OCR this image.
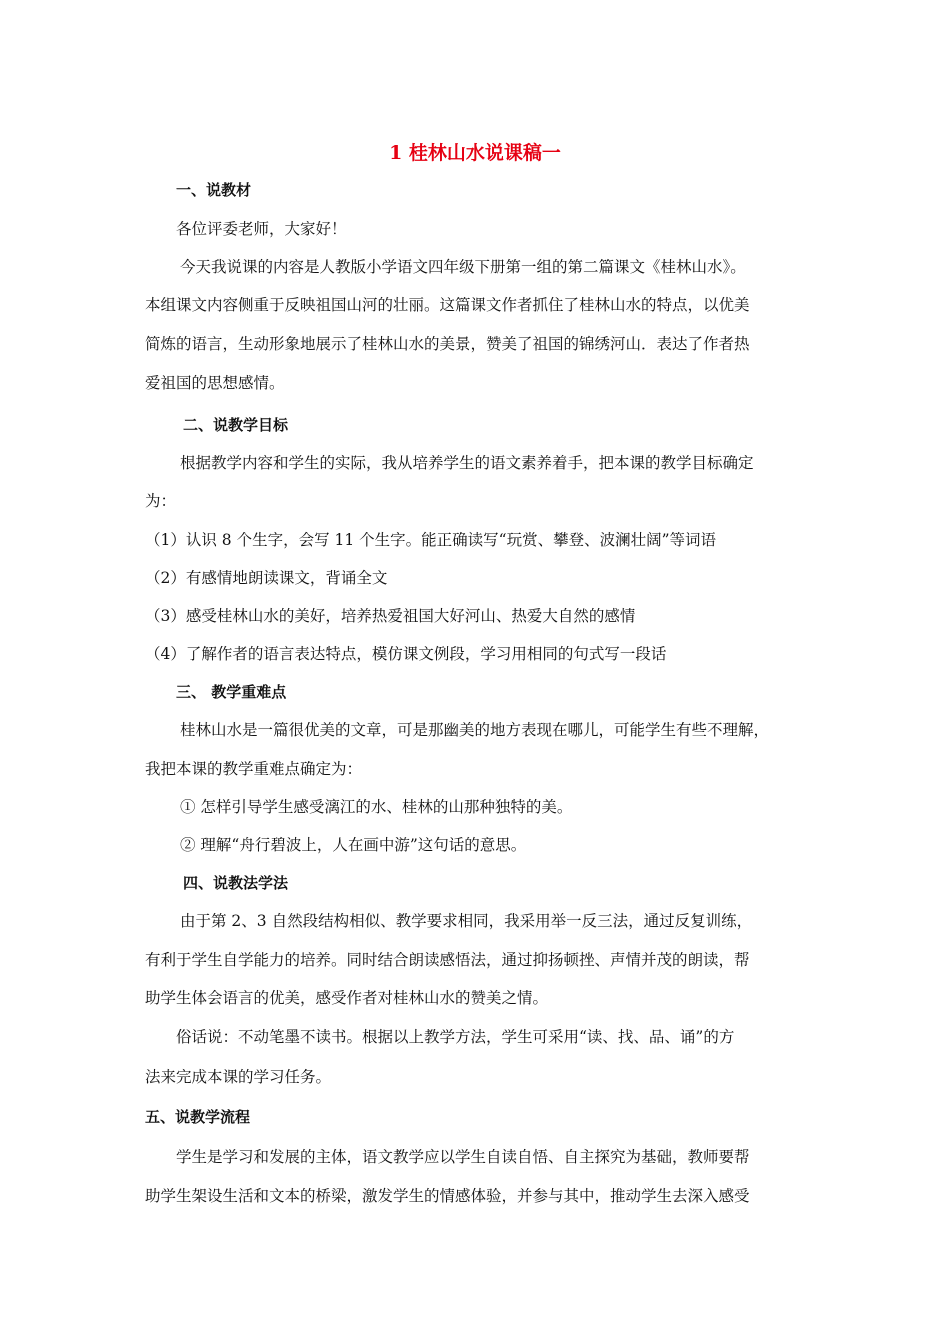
1 桂林山水说课稿一
一、说教材
各位评委老师，大家好！
今天我说课的内容是人教版小学语文四年级下册第一组的第二篇课文《桂林山水》。
本组课文内容侧重于反映祖国山河的壮丽。这篇课文作者抓住了桂林山水的特点，以优美
简炼的语言，生动形象地展示了桂林山水的美景，赞美了祖国的锦绣河山．表达了作者热
爱祖国的思想感情。
二、说教学目标
根据教学内容和学生的实际，我从培养学生的语文素养着手，把本课的教学目标确定
为：
（1）认识 8 个生字，会写 11 个生字。能正确读写“玩赏、攀登、波澜壮阔”等词语
（2）有感情地朗读课文，背诵全文
（3）感受桂林山水的美好，培养热爱祖国大好河山、热爱大自然的感情
（4）了解作者的语言表达特点，模仿课文例段，学习用相同的句式写一段话
三、 教学重难点
桂林山水是一篇很优美的文章，可是那幽美的地方表现在哪儿，可能学生有些不理解，
我把本课的教学重难点确定为：
① 怎样引导学生感受漓江的水、桂林的山那种独特的美。
② 理解“舟行碧波上，人在画中游”这句话的意思。
四、说教法学法
由于第 2、3 自然段结构相似、教学要求相同，我采用举一反三法，通过反复训练，
有利于学生自学能力的培养。同时结合朗读感悟法，通过抑扬顿挫、声情并茂的朗读，帮
助学生体会语言的优美，感受作者对桂林山水的赞美之情。
俗话说：不动笔墨不读书。根据以上教学方法，学生可采用“读、找、品、诵”的方
法来完成本课的学习任务。
五、说教学流程
学生是学习和发展的主体，语文教学应以学生自读自悟、自主探究为基础，教师要帮
助学生架设生活和文本的桥梁，激发学生的情感体验，并参与其中，推动学生去深入感受
